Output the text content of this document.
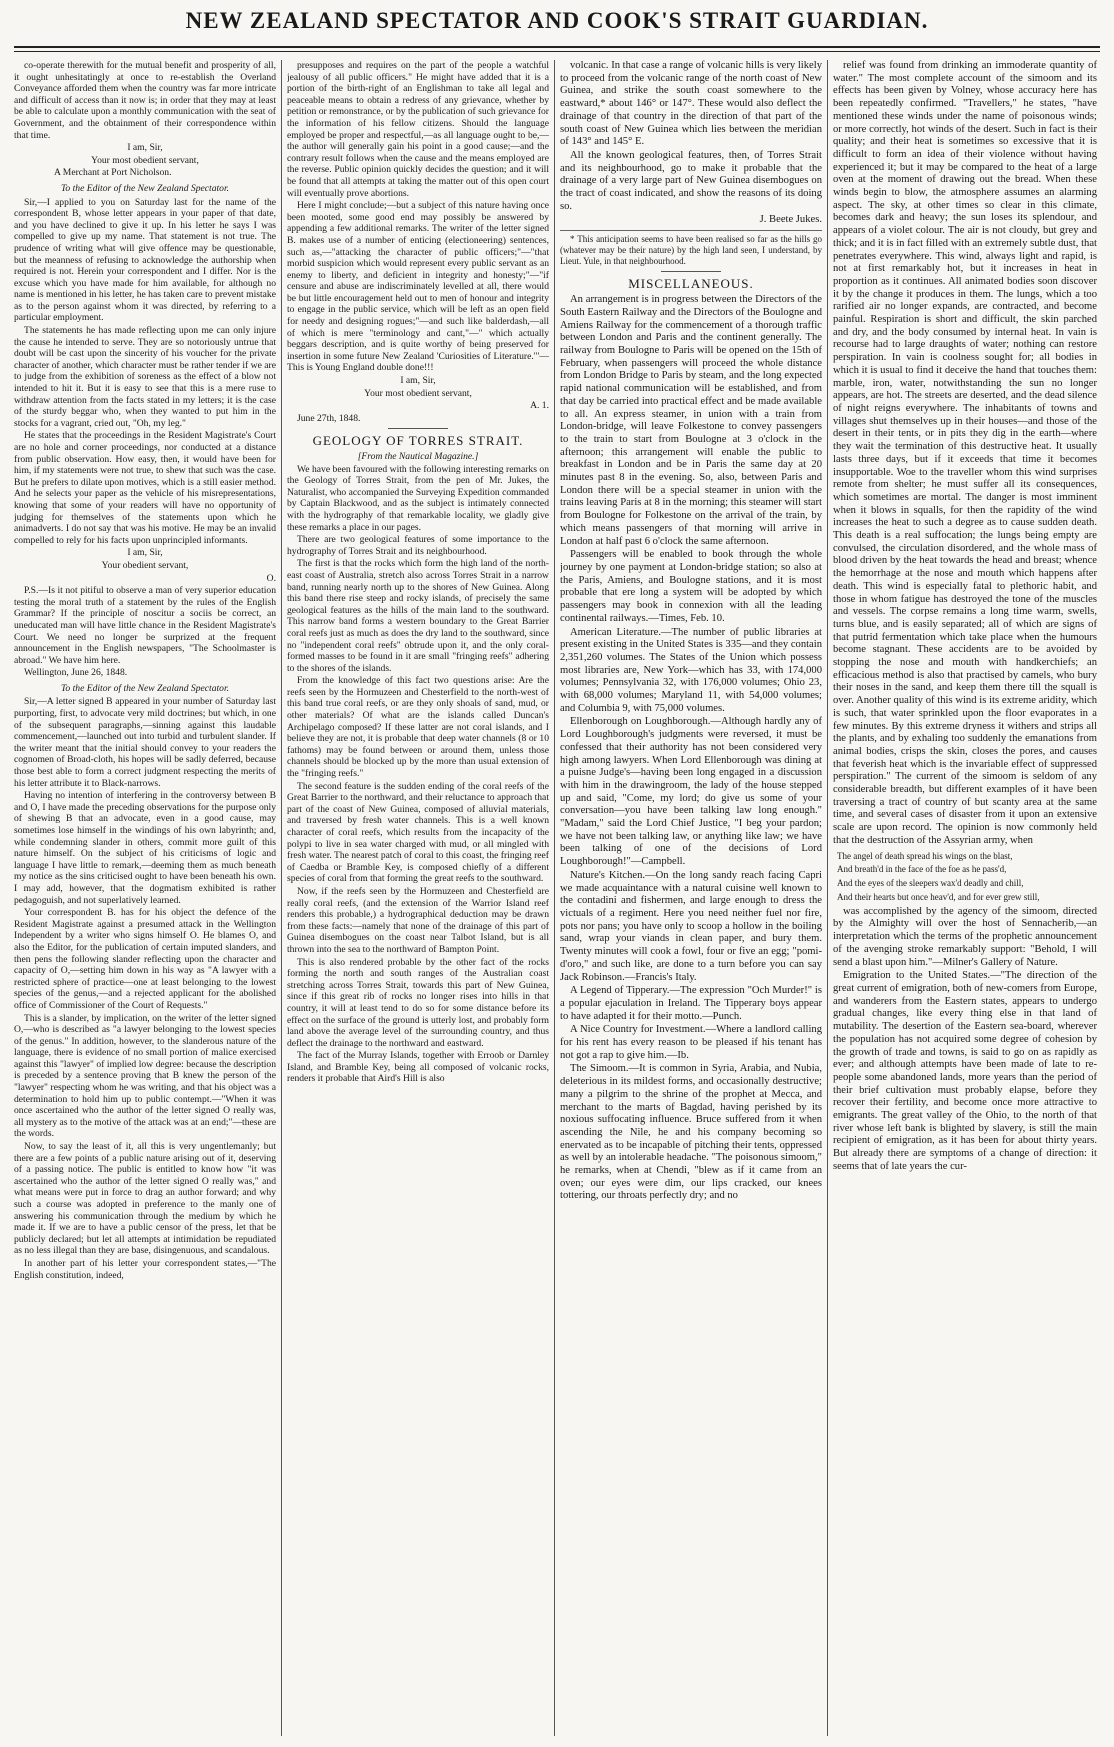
NEW ZEALAND SPECTATOR AND COOK'S STRAIT GUARDIAN.

co-operate therewith for the mutual benefit and prosperity of all, it ought unhesitatingly at once to re-establish the Overland Conveyance afforded them when the country was far more intricate and difficult of access than it now is; in order that they may at least be able to calculate upon a monthly communication with the seat of Government, and the obtainment of their correspondence within that time.

I am, Sir,

Your most obedient servant,

A Merchant at Port Nicholson.

To the Editor of the New Zealand Spectator.

Sir,—I applied to you on Saturday last for the name of the correspondent B, whose letter appears in your paper of that date, and you have declined to give it up. In his letter he says I was compelled to give up my name. That statement is not true. The prudence of writing what will give offence may be questionable, but the meanness of refusing to acknowledge the authorship when required is not. Herein your correspondent and I differ. Nor is the excuse which you have made for him available, for although no name is mentioned in his letter, he has taken care to prevent mistake as to the person against whom it was directed, by referring to a particular employment.

The statements he has made reflecting upon me can only injure the cause he intended to serve. They are so notoriously untrue that doubt will be cast upon the sincerity of his voucher for the private character of another, which character must be rather tender if we are to judge from the exhibition of soreness as the effect of a blow not intended to hit it. But it is easy to see that this is a mere ruse to withdraw attention from the facts stated in my letters; it is the case of the sturdy beggar who, when they wanted to put him in the stocks for a vagrant, cried out, "Oh, my leg."

He states that the proceedings in the Resident Magistrate's Court are no hole and corner proceedings, nor conducted at a distance from public observation. How easy, then, it would have been for him, if my statements were not true, to shew that such was the case. But he prefers to dilate upon motives, which is a still easier method. And he selects your paper as the vehicle of his misrepresentations, knowing that some of your readers will have no opportunity of judging for themselves of the statements upon which he animadverts. I do not say that was his motive. He may be an invalid compelled to rely for his facts upon unprincipled informants.

I am, Sir,

Your obedient servant,

O.

P.S.—Is it not pitiful to observe a man of very superior education testing the moral truth of a statement by the rules of the English Grammar? If the principle of noscitur a sociis be correct, an uneducated man will have little chance in the Resident Magistrate's Court. We need no longer be surprized at the frequent announcement in the English newspapers, "The Schoolmaster is abroad." We have him here.

Wellington, June 26, 1848.

To the Editor of the New Zealand Spectator.

Sir,—A letter signed B appeared in your number of Saturday last purporting, first, to advocate very mild doctrines; but which, in one of the subsequent paragraphs,—sinning against this laudable commencement,—launched out into turbid and turbulent slander. If the writer meant that the initial should convey to your readers the cognomen of Broad-cloth, his hopes will be sadly deferred, because those best able to form a correct judgment respecting the merits of his letter attribute it to Black-narrows.

Having no intention of interfering in the controversy between B and O, I have made the preceding observations for the purpose only of shewing B that an advocate, even in a good cause, may sometimes lose himself in the windings of his own labyrinth; and, while condemning slander in others, commit more guilt of this nature himself. On the subject of his criticisms of logic and language I have little to remark,—deeming them as much beneath my notice as the sins criticised ought to have been beneath his own. I may add, however, that the dogmatism exhibited is rather pedagoguish, and not superlatively learned.

Your correspondent B. has for his object the defence of the Resident Magistrate against a presumed attack in the Wellington Independent by a writer who signs himself O. He blames O, and also the Editor, for the publication of certain imputed slanders, and then pens the following slander reflecting upon the character and capacity of O,—setting him down in his way as "A lawyer with a restricted sphere of practice—one at least belonging to the lowest species of the genus,—and a rejected applicant for the abolished office of Commissioner of the Court of Requests."

This is a slander, by implication, on the writer of the letter signed O,—who is described as "a lawyer belonging to the lowest species of the genus." In addition, however, to the slanderous nature of the language, there is evidence of no small portion of malice exercised against this "lawyer" of implied low degree: because the description is preceded by a sentence proving that B knew the person of the "lawyer" respecting whom he was writing, and that his object was a determination to hold him up to public contempt.—"When it was once ascertained who the author of the letter signed O really was, all mystery as to the motive of the attack was at an end;"—these are the words.

Now, to say the least of it, all this is very ungentlemanly; but there are a few points of a public nature arising out of it, deserving of a passing notice. The public is entitled to know how "it was ascertained who the author of the letter signed O really was," and what means were put in force to drag an author forward; and why such a course was adopted in preference to the manly one of answering his communication through the medium by which he made it. If we are to have a public censor of the press, let that be publicly declared; but let all attempts at intimidation be repudiated as no less illegal than they are base, disingenuous, and scandalous.

In another part of his letter your correspondent states,—"The English constitution, indeed,

presupposes and requires on the part of the people a watchful jealousy of all public officers." He might have added that it is a portion of the birth-right of an Englishman to take all legal and peaceable means to obtain a redress of any grievance, whether by petition or remonstrance, or by the publication of such grievance for the information of his fellow citizens. Should the language employed be proper and respectful,—as all language ought to be,—the author will generally gain his point in a good cause;—and the contrary result follows when the cause and the means employed are the reverse. Public opinion quickly decides the question; and it will be found that all attempts at taking the matter out of this open court will eventually prove abortions.

Here I might conclude;—but a subject of this nature having once been mooted, some good end may possibly be answered by appending a few additional remarks. The writer of the letter signed B. makes use of a number of enticing (electioneering) sentences, such as,—"attacking the character of public officers;"—"that morbid suspicion which would represent every public servant as an enemy to liberty, and deficient in integrity and honesty;"—"if censure and abuse are indiscriminately levelled at all, there would be but little encouragement held out to men of honour and integrity to engage in the public service, which will be left as an open field for needy and designing rogues;"—and such like balderdash,—all of which is mere "terminology and cant,"—" which actually beggars description, and is quite worthy of being preserved for insertion in some future New Zealand 'Curiosities of Literature.'"—This is Young England double done!!!

I am, Sir,

Your most obedient servant,

A. 1.

June 27th, 1848.

GEOLOGY OF TORRES STRAIT.

[From the Nautical Magazine.]

We have been favoured with the following interesting remarks on the Geology of Torres Strait, from the pen of Mr. Jukes, the Naturalist, who accompanied the Surveying Expedition commanded by Captain Blackwood, and as the subject is intimately connected with the hydrography of that remarkable locality, we gladly give these remarks a place in our pages.

There are two geological features of some importance to the hydrography of Torres Strait and its neighbourhood.

The first is that the rocks which form the high land of the north-east coast of Australia, stretch also across Torres Strait in a narrow band, running nearly north up to the shores of New Guinea. Along this band there rise steep and rocky islands, of precisely the same geological features as the hills of the main land to the southward. This narrow band forms a western boundary to the Great Barrier coral reefs just as much as does the dry land to the southward, since no "independent coral reefs" obtrude upon it, and the only coral-formed masses to be found in it are small "fringing reefs" adhering to the shores of the islands.

From the knowledge of this fact two questions arise: Are the reefs seen by the Hormuzeen and Chesterfield to the north-west of this band true coral reefs, or are they only shoals of sand, mud, or other materials? Of what are the islands called Duncan's Archipelago composed? If these latter are not coral islands, and I believe they are not, it is probable that deep water channels (8 or 10 fathoms) may be found between or around them, unless those channels should be blocked up by the more than usual extension of the "fringing reefs."

The second feature is the sudden ending of the coral reefs of the Great Barrier to the northward, and their reluctance to approach that part of the coast of New Guinea, composed of alluvial materials, and traversed by fresh water channels. This is a well known character of coral reefs, which results from the incapacity of the polypi to live in sea water charged with mud, or all mingled with fresh water. The nearest patch of coral to this coast, the fringing reef of Caedba or Bramble Key, is composed chiefly of a different species of coral from that forming the great reefs to the southward.

Now, if the reefs seen by the Hormuzeen and Chesterfield are really coral reefs, (and the extension of the Warrior Island reef renders this probable,) a hydrographical deduction may be drawn from these facts:—namely that none of the drainage of this part of Guinea disembogues on the coast near Talbot Island, but is all thrown into the sea to the northward of Bampton Point.

This is also rendered probable by the other fact of the rocks forming the north and south ranges of the Australian coast stretching across Torres Strait, towards this part of New Guinea, since if this great rib of rocks no longer rises into hills in that country, it will at least tend to do so for some distance before its effect on the surface of the ground is utterly lost, and probably form land above the average level of the surrounding country, and thus deflect the drainage to the northward and eastward.

The fact of the Murray Islands, together with Erroob or Darnley Island, and Bramble Key, being all composed of volcanic rocks, renders it probable that Aird's Hill is also

volcanic. In that case a range of volcanic hills is very likely to proceed from the volcanic range of the north coast of New Guinea, and strike the south coast somewhere to the eastward,* about 146° or 147°. These would also deflect the drainage of that country in the direction of that part of the south coast of New Guinea which lies between the meridian of 143° and 145° E.

All the known geological features, then, of Torres Strait and its neighbourhood, go to make it probable that the drainage of a very large part of New Guinea disembogues on the tract of coast indicated, and show the reasons of its doing so.

J. Beete Jukes.

* This anticipation seems to have been realised so far as the hills go (whatever may be their nature) by the high land seen, I understand, by Lieut. Yule, in that neighbourhood.

MISCELLANEOUS.

An arrangement is in progress between the Directors of the South Eastern Railway and the Directors of the Boulogne and Amiens Railway for the commencement of a thorough traffic between London and Paris and the continent generally. The railway from Boulogne to Paris will be opened on the 15th of February, when passengers will proceed the whole distance from London Bridge to Paris by steam, and the long expected rapid national communication will be established, and from that day be carried into practical effect and be made available to all. An express steamer, in union with a train from London-bridge, will leave Folkestone to convey passengers to the train to start from Boulogne at 3 o'clock in the afternoon; this arrangement will enable the public to breakfast in London and be in Paris the same day at 20 minutes past 8 in the evening. So, also, between Paris and London there will be a special steamer in union with the trains leaving Paris at 8 in the morning; this steamer will start from Boulogne for Folkestone on the arrival of the train, by which means passengers of that morning will arrive in London at half past 6 o'clock the same afternoon.

Passengers will be enabled to book through the whole journey by one payment at London-bridge station; so also at the Paris, Amiens, and Boulogne stations, and it is most probable that ere long a system will be adopted by which passengers may book in connexion with all the leading continental railways.—Times, Feb. 10.

American Literature.—The number of public libraries at present existing in the United States is 335—and they contain 2,351,260 volumes. The States of the Union which possess most libraries are, New York—which has 33, with 174,000 volumes; Pennsylvania 32, with 176,000 volumes; Ohio 23, with 68,000 volumes; Maryland 11, with 54,000 volumes; and Columbia 9, with 75,000 volumes.

Ellenborough on Loughborough.—Although hardly any of Lord Loughborough's judgments were reversed, it must be confessed that their authority has not been considered very high among lawyers. When Lord Ellenborough was dining at a puisne Judge's—having been long engaged in a discussion with him in the drawingroom, the lady of the house stepped up and said, "Come, my lord; do give us some of your conversation—you have been talking law long enough." "Madam," said the Lord Chief Justice, "I beg your pardon; we have not been talking law, or anything like law; we have been talking of one of the decisions of Lord Loughborough!"—Campbell.

Nature's Kitchen.—On the long sandy reach facing Capri we made acquaintance with a natural cuisine well known to the contadini and fishermen, and large enough to dress the victuals of a regiment. Here you need neither fuel nor fire, pots nor pans; you have only to scoop a hollow in the boiling sand, wrap your viands in clean paper, and bury them. Twenty minutes will cook a fowl, four or five an egg; "pomi-d'oro," and such like, are done to a turn before you can say Jack Robinson.—Francis's Italy.

A Legend of Tipperary.—The expression "Och Murder!" is a popular ejaculation in Ireland. The Tipperary boys appear to have adapted it for their motto.—Punch.

A Nice Country for Investment.—Where a landlord calling for his rent has every reason to be pleased if his tenant has not got a rap to give him.—Ib.

The Simoom.—It is common in Syria, Arabia, and Nubia, deleterious in its mildest forms, and occasionally destructive; many a pilgrim to the shrine of the prophet at Mecca, and merchant to the marts of Bagdad, having perished by its noxious suffocating influence. Bruce suffered from it when ascending the Nile, he and his company becoming so enervated as to be incapable of pitching their tents, oppressed as well by an intolerable headache. "The poisonous simoom," he remarks, when at Chendi, "blew as if it came from an oven; our eyes were dim, our lips cracked, our knees tottering, our throats perfectly dry; and no

relief was found from drinking an immoderate quantity of water." The most complete account of the simoom and its effects has been given by Volney, whose accuracy here has been repeatedly confirmed. "Travellers," he states, "have mentioned these winds under the name of poisonous winds; or more correctly, hot winds of the desert. Such in fact is their quality; and their heat is sometimes so excessive that it is difficult to form an idea of their violence without having experienced it; but it may be compared to the heat of a large oven at the moment of drawing out the bread. When these winds begin to blow, the atmosphere assumes an alarming aspect. The sky, at other times so clear in this climate, becomes dark and heavy; the sun loses its splendour, and appears of a violet colour. The air is not cloudy, but grey and thick; and it is in fact filled with an extremely subtle dust, that penetrates everywhere. This wind, always light and rapid, is not at first remarkably hot, but it increases in heat in proportion as it continues. All animated bodies soon discover it by the change it produces in them. The lungs, which a too rarified air no longer expands, are contracted, and become painful. Respiration is short and difficult, the skin parched and dry, and the body consumed by internal heat. In vain is recourse had to large draughts of water; nothing can restore perspiration. In vain is coolness sought for; all bodies in which it is usual to find it deceive the hand that touches them: marble, iron, water, notwithstanding the sun no longer appears, are hot. The streets are deserted, and the dead silence of night reigns everywhere. The inhabitants of towns and villages shut themselves up in their houses—and those of the desert in their tents, or in pits they dig in the earth—where they wait the termination of this destructive heat. It usually lasts three days, but if it exceeds that time it becomes insupportable. Woe to the traveller whom this wind surprises remote from shelter; he must suffer all its consequences, which sometimes are mortal. The danger is most imminent when it blows in squalls, for then the rapidity of the wind increases the heat to such a degree as to cause sudden death. This death is a real suffocation; the lungs being empty are convulsed, the circulation disordered, and the whole mass of blood driven by the heat towards the head and breast; whence the hemorrhage at the nose and mouth which happens after death. This wind is especially fatal to plethoric habit, and those in whom fatigue has destroyed the tone of the muscles and vessels. The corpse remains a long time warm, swells, turns blue, and is easily separated; all of which are signs of that putrid fermentation which take place when the humours become stagnant. These accidents are to be avoided by stopping the nose and mouth with handkerchiefs; an efficacious method is also that practised by camels, who bury their noses in the sand, and keep them there till the squall is over. Another quality of this wind is its extreme aridity, which is such, that water sprinkled upon the floor evaporates in a few minutes. By this extreme dryness it withers and strips all the plants, and by exhaling too suddenly the emanations from animal bodies, crisps the skin, closes the pores, and causes that feverish heat which is the invariable effect of suppressed perspiration." The current of the simoom is seldom of any considerable breadth, but different examples of it have been traversing a tract of country of but scanty area at the same time, and several cases of disaster from it upon an extensive scale are upon record. The opinion is now commonly held that the destruction of the Assyrian army, when

The angel of death spread his wings on the blast,

And breath'd in the face of the foe as he pass'd,

And the eyes of the sleepers wax'd deadly and chill,

And their hearts but once heav'd, and for ever grew still,

was accomplished by the agency of the simoom, directed by the Almighty will over the host of Sennacherib,—an interpretation which the terms of the prophetic announcement of the avenging stroke remarkably support: "Behold, I will send a blast upon him."—Milner's Gallery of Nature.

Emigration to the United States.—"The direction of the great current of emigration, both of new-comers from Europe, and wanderers from the Eastern states, appears to undergo gradual changes, like every thing else in that land of mutability. The desertion of the Eastern sea-board, wherever the population has not acquired some degree of cohesion by the growth of trade and towns, is said to go on as rapidly as ever; and although attempts have been made of late to re-people some abandoned lands, more years than the period of their brief cultivation must probably elapse, before they recover their fertility, and become once more attractive to emigrants. The great valley of the Ohio, to the north of that river whose left bank is blighted by slavery, is still the main recipient of emigration, as it has been for about thirty years. But already there are symptoms of a change of direction: it seems that of late years the cur-
